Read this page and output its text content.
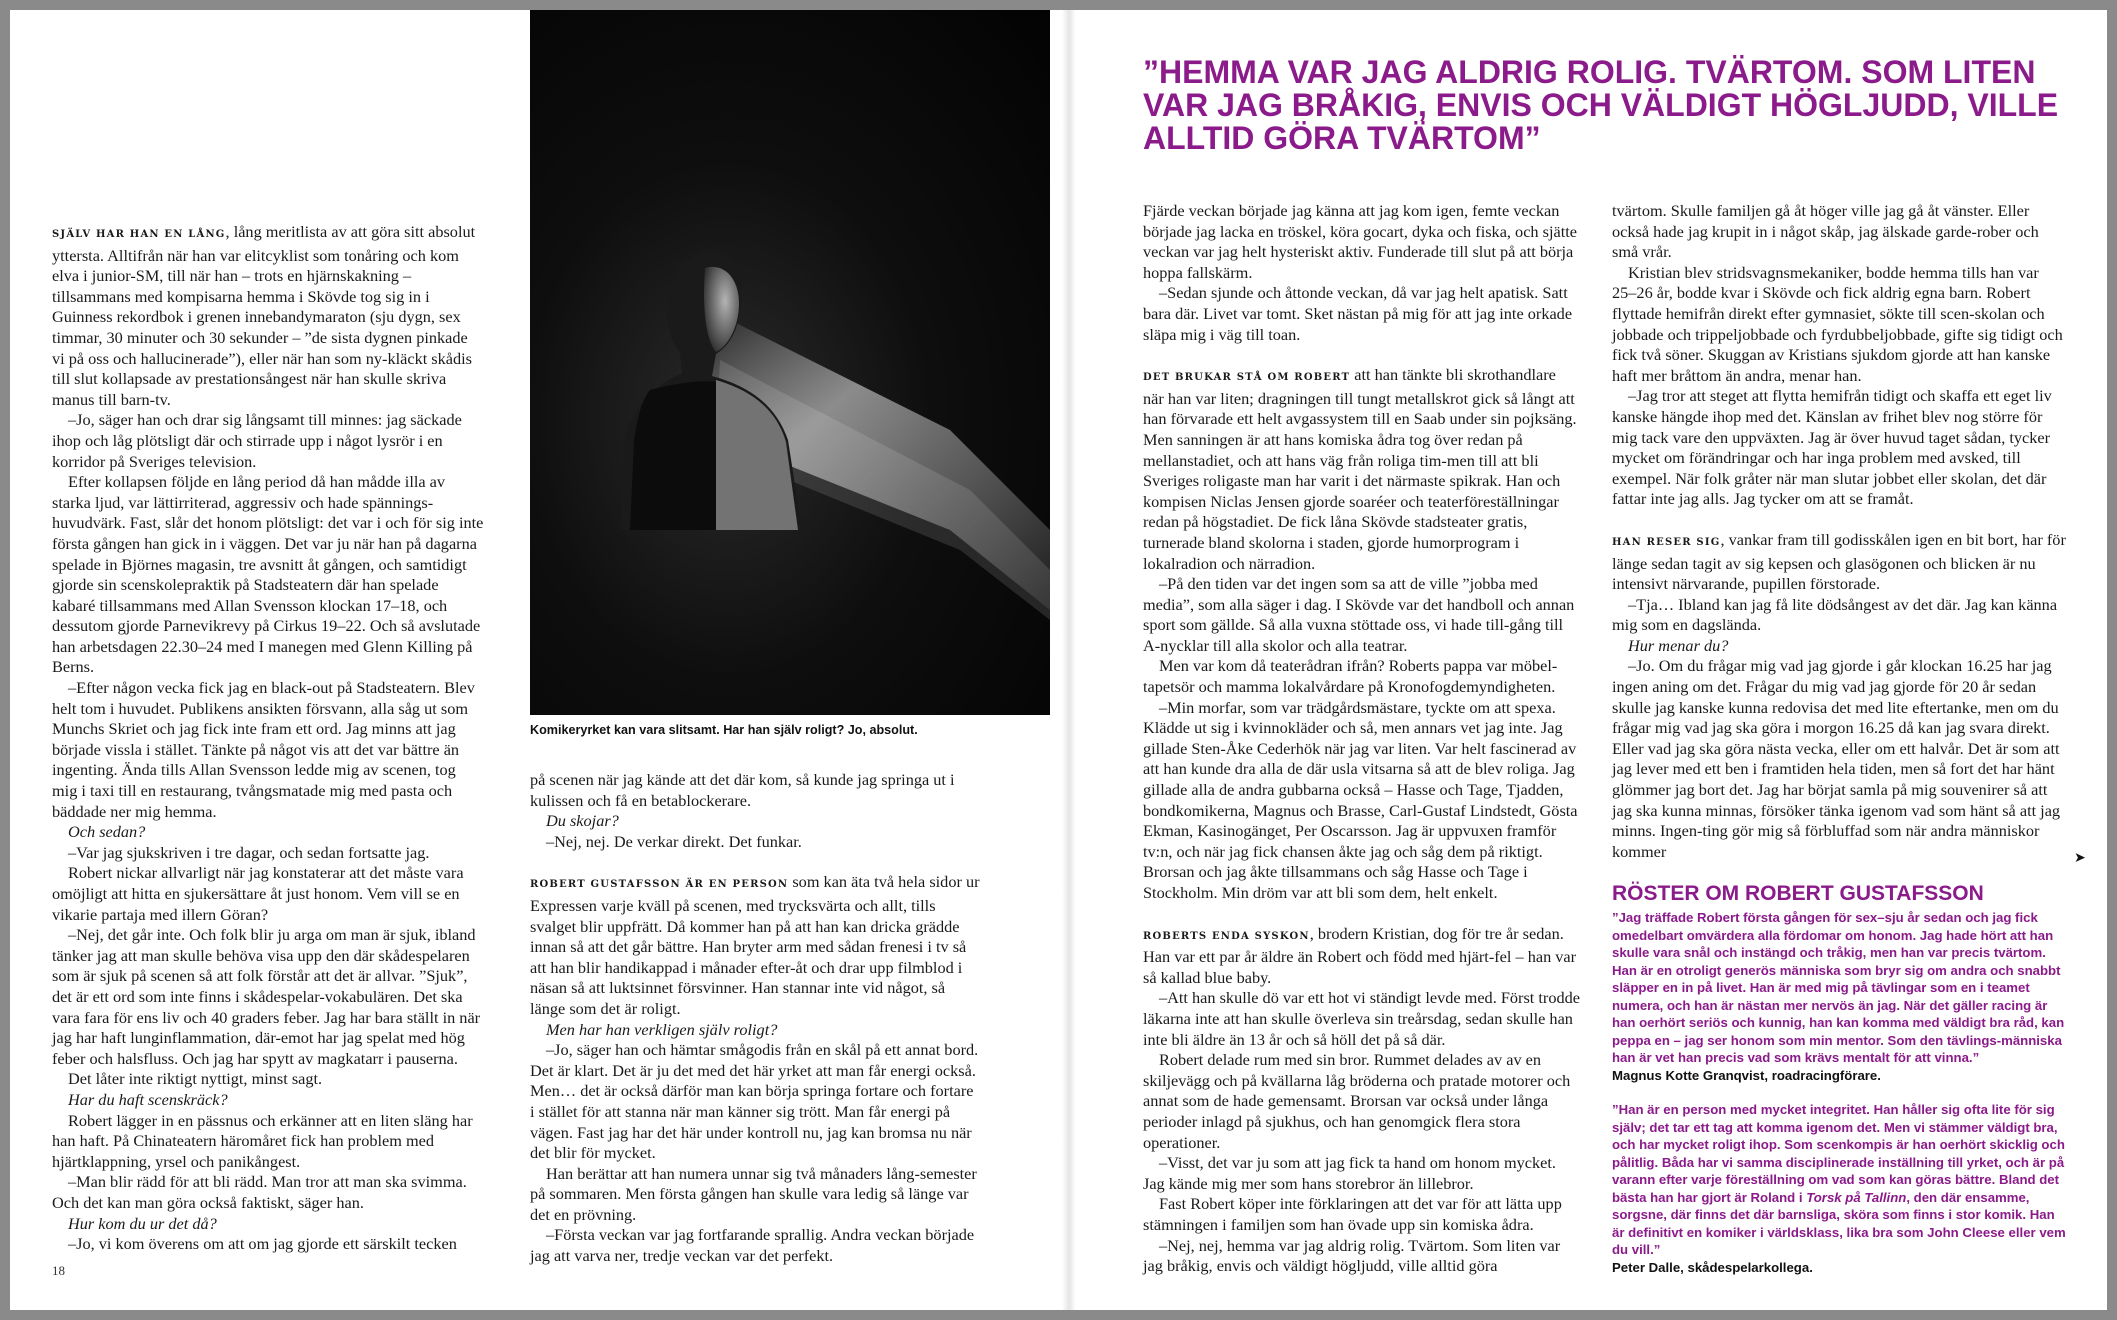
Komikeryrket kan vara slitsamt. Har han själv roligt? Jo, absolut.
”HEMMA VAR JAG ALDRIG ROLIG. TVÄRTOM. SOM LITEN VAR JAG BRÅKIG, ENVIS OCH VÄLDIGT HÖGLJUDD, VILLE ALLTID GÖRA TVÄRTOM”

SJÄLV HAR HAN EN LÅNG, lång meritlista av att göra sitt absolut yttersta. Alltifrån när han var elitcyklist som tonåring och kom elva i junior-SM, till när han – trots en hjärnskakning – tillsammans med kompisarna hemma i Skövde tog sig in i Guinness rekordbok i grenen innebandymaraton (sju dygn, sex timmar, 30 minuter och 30 sekunder – ”de sista dygnen pinkade vi på oss och hallucinerade”), eller när han som ny-kläckt skådis till slut kollapsade av prestationsångest när han skulle skriva manus till barn-tv.

–Jo, säger han och drar sig långsamt till minnes: jag säckade ihop och låg plötsligt där och stirrade upp i något lysrör i en korridor på Sveriges television.

Efter kollapsen följde en lång period då han mådde illa av starka ljud, var lättirriterad, aggressiv och hade spännings-huvudvärk. Fast, slår det honom plötsligt: det var i och för sig inte första gången han gick in i väggen. Det var ju när han på dagarna spelade in Björnes magasin, tre avsnitt åt gången, och samtidigt gjorde sin scenskolepraktik på Stadsteatern där han spelade kabaré tillsammans med Allan Svensson klockan 17–18, och dessutom gjorde Parnevikrevy på Cirkus 19–22. Och så avslutade han arbetsdagen 22.30–24 med I manegen med Glenn Killing på Berns.

–Efter någon vecka fick jag en black-out på Stadsteatern. Blev helt tom i huvudet. Publikens ansikten försvann, alla såg ut som Munchs Skriet och jag fick inte fram ett ord. Jag minns att jag började vissla i stället. Tänkte på något vis att det var bättre än ingenting. Ända tills Allan Svensson ledde mig av scenen, tog mig i taxi till en restaurang, tvångsmatade mig med pasta och bäddade ner mig hemma.

Och sedan?

–Var jag sjukskriven i tre dagar, och sedan fortsatte jag.

Robert nickar allvarligt när jag konstaterar att det måste vara omöjligt att hitta en sjukersättare åt just honom. Vem vill se en vikarie partaja med illern Göran?

–Nej, det går inte. Och folk blir ju arga om man är sjuk, ibland tänker jag att man skulle behöva visa upp den där skådespelaren som är sjuk på scenen så att folk förstår att det är allvar. ”Sjuk”, det är ett ord som inte finns i skådespelar-vokabulären. Det ska vara fara för ens liv och 40 graders feber. Jag har bara ställt in när jag har haft lunginflammation, där-emot har jag spelat med hög feber och halsfluss. Och jag har spytt av magkatarr i pauserna.

Det låter inte riktigt nyttigt, minst sagt.

Har du haft scenskräck?

Robert lägger in en pässnus och erkänner att en liten släng har han haft. På Chinateatern häromåret fick han problem med hjärtklappning, yrsel och panikångest.

–Man blir rädd för att bli rädd. Man tror att man ska svimma. Och det kan man göra också faktiskt, säger han.

Hur kom du ur det då?

–Jo, vi kom överens om att om jag gjorde ett särskilt tecken

på scenen när jag kände att det där kom, så kunde jag springa ut i kulissen och få en betablockerare.

Du skojar?

–Nej, nej. De verkar direkt. Det funkar.

ROBERT GUSTAFSSON ÄR EN PERSON som kan äta två hela sidor ur Expressen varje kväll på scenen, med trycksvärta och allt, tills svalget blir uppfrätt. Då kommer han på att han kan dricka grädde innan så att det går bättre. Han bryter arm med sådan frenesi i tv så att han blir handikappad i månader efter-åt och drar upp filmblod i näsan så att luktsinnet försvinner. Han stannar inte vid något, så länge som det är roligt.

Men har han verkligen själv roligt?

–Jo, säger han och hämtar smågodis från en skål på ett annat bord. Det är klart. Det är ju det med det här yrket att man får energi också. Men… det är också därför man kan börja springa fortare och fortare i stället för att stanna när man känner sig trött. Man får energi på vägen. Fast jag har det här under kontroll nu, jag kan bromsa nu när det blir för mycket.

Han berättar att han numera unnar sig två månaders lång-semester på sommaren. Men första gången han skulle vara ledig så länge var det en prövning.

–Första veckan var jag fortfarande sprallig. Andra veckan började jag att varva ner, tredje veckan var det perfekt.

18

Fjärde veckan började jag känna att jag kom igen, femte veckan började jag lacka en tröskel, köra gocart, dyka och fiska, och sjätte veckan var jag helt hysteriskt aktiv. Funderade till slut på att börja hoppa fallskärm.

–Sedan sjunde och åttonde veckan, då var jag helt apatisk. Satt bara där. Livet var tomt. Sket nästan på mig för att jag inte orkade släpa mig i väg till toan.

DET BRUKAR STÅ OM ROBERT att han tänkte bli skrothandlare när han var liten; dragningen till tungt metallskrot gick så långt att han förvarade ett helt avgassystem till en Saab under sin pojksäng. Men sanningen är att hans komiska ådra tog över redan på mellanstadiet, och att hans väg från roliga tim-men till att bli Sveriges roligaste man har varit i det närmaste spikrak. Han och kompisen Niclas Jensen gjorde soaréer och teaterföreställningar redan på högstadiet. De fick låna Skövde stadsteater gratis, turnerade bland skolorna i staden, gjorde humorprogram i lokalradion och närradion.

–På den tiden var det ingen som sa att de ville ”jobba med media”, som alla säger i dag. I Skövde var det handboll och annan sport som gällde. Så alla vuxna stöttade oss, vi hade till-gång till A-nycklar till alla skolor och alla teatrar.

Men var kom då teaterådran ifrån? Roberts pappa var möbel-tapetsör och mamma lokalvårdare på Kronofogdemyndigheten.

–Min morfar, som var trädgårdsmästare, tyckte om att spexa. Klädde ut sig i kvinnokläder och så, men annars vet jag inte. Jag gillade Sten-Åke Cederhök när jag var liten. Var helt fascinerad av att han kunde dra alla de där usla vitsarna så att de blev roliga. Jag gillade alla de andra gubbarna också – Hasse och Tage, Tjadden, bondkomikerna, Magnus och Brasse, Carl-Gustaf Lindstedt, Gösta Ekman, Kasinogänget, Per Oscarsson. Jag är uppvuxen framför tv:n, och när jag fick chansen åkte jag och såg dem på riktigt. Brorsan och jag åkte tillsammans och såg Hasse och Tage i Stockholm. Min dröm var att bli som dem, helt enkelt.

ROBERTS ENDA SYSKON, brodern Kristian, dog för tre år sedan. Han var ett par år äldre än Robert och född med hjärt-fel – han var så kallad blue baby.

–Att han skulle dö var ett hot vi ständigt levde med. Först trodde läkarna inte att han skulle överleva sin treårsdag, sedan skulle han inte bli äldre än 13 år och så höll det på så där.

Robert delade rum med sin bror. Rummet delades av av en skiljevägg och på kvällarna låg bröderna och pratade motorer och annat som de hade gemensamt. Brorsan var också under långa perioder inlagd på sjukhus, och han genomgick flera stora operationer.

–Visst, det var ju som att jag fick ta hand om honom mycket. Jag kände mig mer som hans storebror än lillebror.

Fast Robert köper inte förklaringen att det var för att lätta upp stämningen i familjen som han övade upp sin komiska ådra.

–Nej, nej, hemma var jag aldrig rolig. Tvärtom. Som liten var jag bråkig, envis och väldigt högljudd, ville alltid göra

tvärtom. Skulle familjen gå åt höger ville jag gå åt vänster. Eller också hade jag krupit in i något skåp, jag älskade garde-rober och små vrår.

Kristian blev stridsvagnsmekaniker, bodde hemma tills han var 25–26 år, bodde kvar i Skövde och fick aldrig egna barn. Robert flyttade hemifrån direkt efter gymnasiet, sökte till scen-skolan och jobbade och trippeljobbade och fyrdubbeljobbade, gifte sig tidigt och fick två söner. Skuggan av Kristians sjukdom gjorde att han kanske haft mer bråttom än andra, menar han.

–Jag tror att steget att flytta hemifrån tidigt och skaffa ett eget liv kanske hängde ihop med det. Känslan av frihet blev nog större för mig tack vare den uppväxten. Jag är över huvud taget sådan, tycker mycket om förändringar och har inga problem med avsked, till exempel. När folk gråter när man slutar jobbet eller skolan, det där fattar inte jag alls. Jag tycker om att se framåt.

HAN RESER SIG, vankar fram till godisskålen igen en bit bort, har för länge sedan tagit av sig kepsen och glasögonen och blicken är nu intensivt närvarande, pupillen förstorade.

–Tja… Ibland kan jag få lite dödsångest av det där. Jag kan känna mig som en dagslända.

Hur menar du?

–Jo. Om du frågar mig vad jag gjorde i går klockan 16.25 har jag ingen aning om det. Frågar du mig vad jag gjorde för 20 år sedan skulle jag kanske kunna redovisa det med lite eftertanke, men om du frågar mig vad jag ska göra i morgon 16.25 då kan jag svara direkt. Eller vad jag ska göra nästa vecka, eller om ett halvår. Det är som att jag lever med ett ben i framtiden hela tiden, men så fort det har hänt glömmer jag bort det. Jag har börjat samla på mig souvenirer så att jag ska kunna minnas, försöker tänka igenom vad som hänt så att jag minns. Ingen-ting gör mig så förbluffad som när andra människor kommer	➤
RÖSTER OM ROBERT GUSTAFSSON

”Jag träffade Robert första gången för sex–sju år sedan och jag fick omedelbart omvärdera alla fördomar om honom. Jag hade hört att han skulle vara snål och instängd och tråkig, men han var precis tvärtom. Han är en otroligt generös människa som bryr sig om andra och snabbt släpper en in på livet. Han är med mig på tävlingar som en i teamet numera, och han är nästan mer nervös än jag. När det gäller racing är han oerhört seriös och kunnig, han kan komma med väldigt bra råd, kan peppa en – jag ser honom som min mentor. Som den tävlings-människa han är vet han precis vad som krävs mentalt för att vinna.”

Magnus Kotte Granqvist, roadracingförare.

”Han är en person med mycket integritet. Han håller sig ofta lite för sig själv; det tar ett tag att komma igenom det. Men vi stämmer väldigt bra, och har mycket roligt ihop. Som scenkompis är han oerhört skicklig och pålitlig. Båda har vi samma disciplinerade inställning till yrket, och är på varann efter varje föreställning om vad som kan göras bättre. Bland det bästa han har gjort är Roland i Torsk på Tallinn, den där ensamme, sorgsne, där finns det där barnsliga, sköra som finns i stor komik. Han är definitivt en komiker i världsklass, lika bra som John Cleese eller vem du vill.”

Peter Dalle, skådespelarkollega.
